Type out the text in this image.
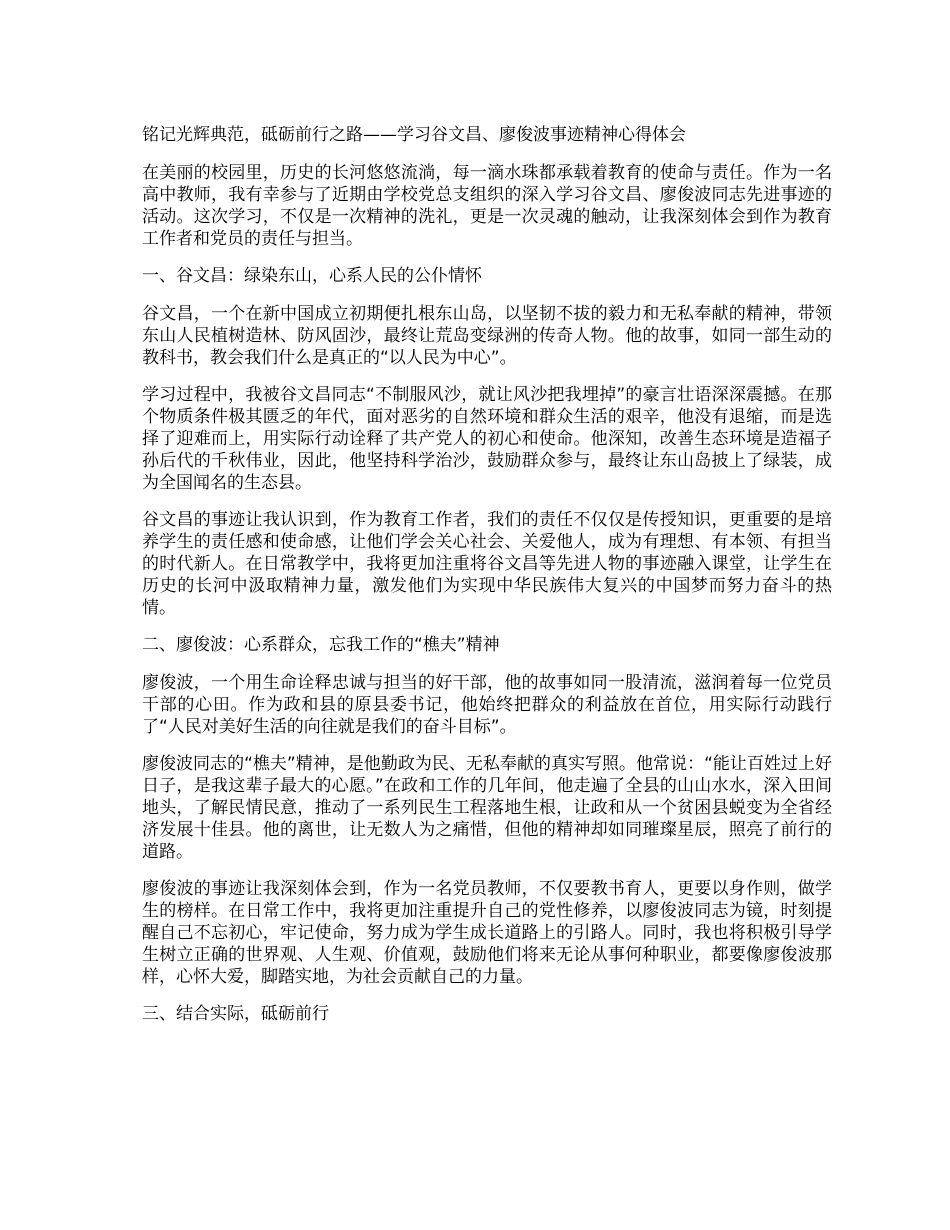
铭记光辉典范，砥砺前行之路——学习谷文昌、廖俊波事迹精神心得体会

在美丽的校园里，历史的长河悠悠流淌，每一滴水珠都承载着教育的使命与责任。作为一名高中教师，我有幸参与了近期由学校党总支组织的深入学习谷文昌、廖俊波同志先进事迹的活动。这次学习，不仅是一次精神的洗礼，更是一次灵魂的触动，让我深刻体会到作为教育工作者和党员的责任与担当。

一、谷文昌：绿染东山，心系人民的公仆情怀

谷文昌，一个在新中国成立初期便扎根东山岛，以坚韧不拔的毅力和无私奉献的精神，带领东山人民植树造林、防风固沙，最终让荒岛变绿洲的传奇人物。他的故事，如同一部生动的教科书，教会我们什么是真正的“以人民为中心”。

学习过程中，我被谷文昌同志“不制服风沙，就让风沙把我埋掉”的豪言壮语深深震撼。在那个物质条件极其匮乏的年代，面对恶劣的自然环境和群众生活的艰辛，他没有退缩，而是选择了迎难而上，用实际行动诠释了共产党人的初心和使命。他深知，改善生态环境是造福子孙后代的千秋伟业，因此，他坚持科学治沙，鼓励群众参与，最终让东山岛披上了绿装，成为全国闻名的生态县。

谷文昌的事迹让我认识到，作为教育工作者，我们的责任不仅仅是传授知识，更重要的是培养学生的责任感和使命感，让他们学会关心社会、关爱他人，成为有理想、有本领、有担当的时代新人。在日常教学中，我将更加注重将谷文昌等先进人物的事迹融入课堂，让学生在历史的长河中汲取精神力量，激发他们为实现中华民族伟大复兴的中国梦而努力奋斗的热情。

二、廖俊波：心系群众，忘我工作的“樵夫”精神

廖俊波，一个用生命诠释忠诚与担当的好干部，他的故事如同一股清流，滋润着每一位党员干部的心田。作为政和县的原县委书记，他始终把群众的利益放在首位，用实际行动践行了“人民对美好生活的向往就是我们的奋斗目标”。

廖俊波同志的“樵夫”精神，是他勤政为民、无私奉献的真实写照。他常说：“能让百姓过上好日子，是我这辈子最大的心愿。”在政和工作的几年间，他走遍了全县的山山水水，深入田间地头，了解民情民意，推动了一系列民生工程落地生根，让政和从一个贫困县蜕变为全省经济发展十佳县。他的离世，让无数人为之痛惜，但他的精神却如同璀璨星辰，照亮了前行的道路。

廖俊波的事迹让我深刻体会到，作为一名党员教师，不仅要教书育人，更要以身作则，做学生的榜样。在日常工作中，我将更加注重提升自己的党性修养，以廖俊波同志为镜，时刻提醒自己不忘初心，牢记使命，努力成为学生成长道路上的引路人。同时，我也将积极引导学生树立正确的世界观、人生观、价值观，鼓励他们将来无论从事何种职业，都要像廖俊波那样，心怀大爱，脚踏实地，为社会贡献自己的力量。

三、结合实际，砥砺前行
